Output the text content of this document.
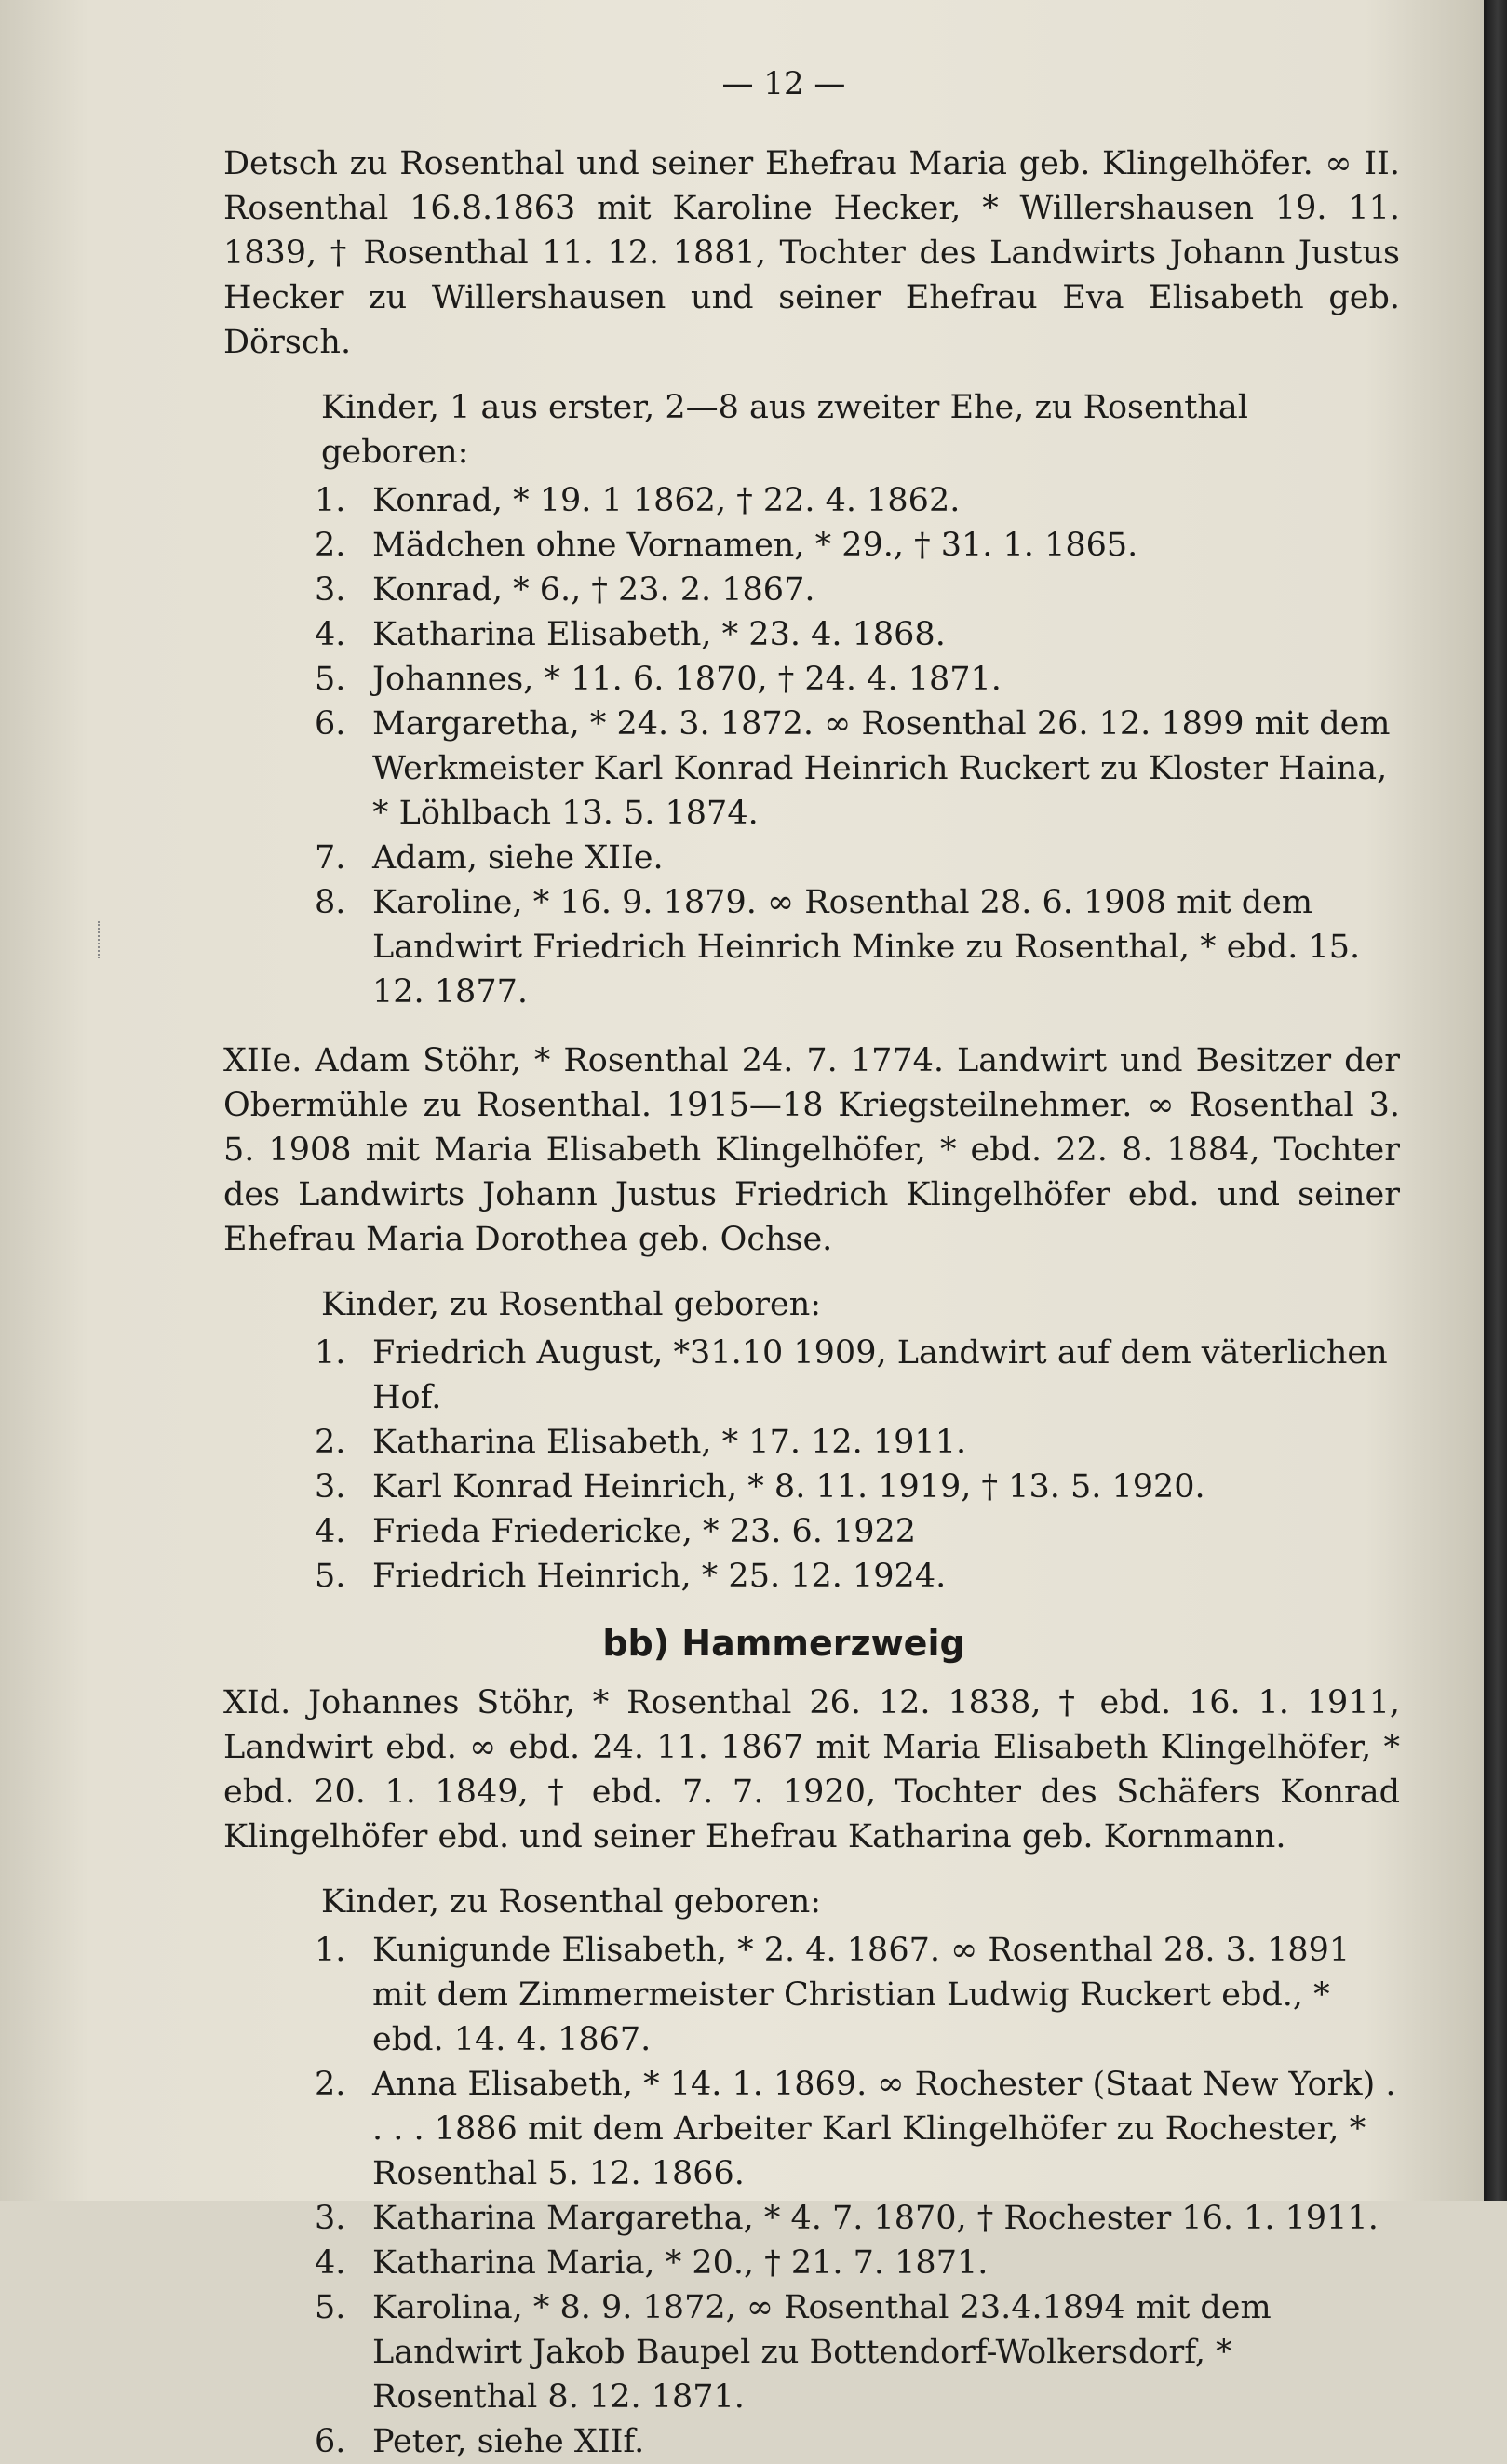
— 12 —

Detsch zu Rosenthal und seiner Ehefrau Maria geb. Klingelhöfer. ∞ II. Rosenthal 16.8.1863 mit Karoline Hecker, * Willershausen 19. 11. 1839, † Rosenthal 11. 12. 1881, Tochter des Landwirts Johann Justus Hecker zu Willershausen und seiner Ehefrau Eva Elisabeth geb. Dörsch.

Kinder, 1 aus erster, 2—8 aus zweiter Ehe, zu Rosenthal geboren:

1. Konrad, * 19. 1 1862, † 22. 4. 1862.
2. Mädchen ohne Vornamen, * 29., † 31. 1. 1865.
3. Konrad, * 6., † 23. 2. 1867.
4. Katharina Elisabeth, * 23. 4. 1868.
5. Johannes, * 11. 6. 1870, † 24. 4. 1871.
6. Margaretha, * 24. 3. 1872. ∞ Rosenthal 26. 12. 1899 mit dem Werkmeister Karl Konrad Heinrich Ruckert zu Kloster Haina, * Löhlbach 13. 5. 1874.
7. Adam, siehe XIIe.
8. Karoline, * 16. 9. 1879. ∞ Rosenthal 28. 6. 1908 mit dem Landwirt Friedrich Heinrich Minke zu Rosenthal, * ebd. 15. 12. 1877.

XIIe. Adam Stöhr, * Rosenthal 24. 7. 1774. Landwirt und Besitzer der Obermühle zu Rosenthal. 1915—18 Kriegsteilnehmer. ∞ Rosenthal 3. 5. 1908 mit Maria Elisabeth Klingelhöfer, * ebd. 22. 8. 1884, Tochter des Landwirts Johann Justus Friedrich Klingelhöfer ebd. und seiner Ehefrau Maria Dorothea geb. Ochse.

Kinder, zu Rosenthal geboren:

1. Friedrich August, *31.10 1909, Landwirt auf dem väterlichen Hof.
2. Katharina Elisabeth, * 17. 12. 1911.
3. Karl Konrad Heinrich, * 8. 11. 1919, † 13. 5. 1920.
4. Frieda Friedericke, * 23. 6. 1922
5. Friedrich Heinrich, * 25. 12. 1924.
bb) Hammerzweig

XId. Johannes Stöhr, * Rosenthal 26. 12. 1838, † ebd. 16. 1. 1911, Landwirt ebd. ∞ ebd. 24. 11. 1867 mit Maria Elisabeth Klingelhöfer, * ebd. 20. 1. 1849, † ebd. 7. 7. 1920, Tochter des Schäfers Konrad Klingelhöfer ebd. und seiner Ehefrau Katharina geb. Kornmann.

Kinder, zu Rosenthal geboren:

1. Kunigunde Elisabeth, * 2. 4. 1867. ∞ Rosenthal 28. 3. 1891 mit dem Zimmermeister Christian Ludwig Ruckert ebd., * ebd. 14. 4. 1867.
2. Anna Elisabeth, * 14. 1. 1869. ∞ Rochester (Staat New York) . . . . 1886 mit dem Arbeiter Karl Klingelhöfer zu Rochester, * Rosenthal 5. 12. 1866.
3. Katharina Margaretha, * 4. 7. 1870, † Rochester 16. 1. 1911.
4. Katharina Maria, * 20., † 21. 7. 1871.
5. Karolina, * 8. 9. 1872, ∞ Rosenthal 23.4.1894 mit dem Landwirt Jakob Baupel zu Bottendorf-Wolkersdorf, * Rosenthal 8. 12. 1871.
6. Peter, siehe XIIf.
